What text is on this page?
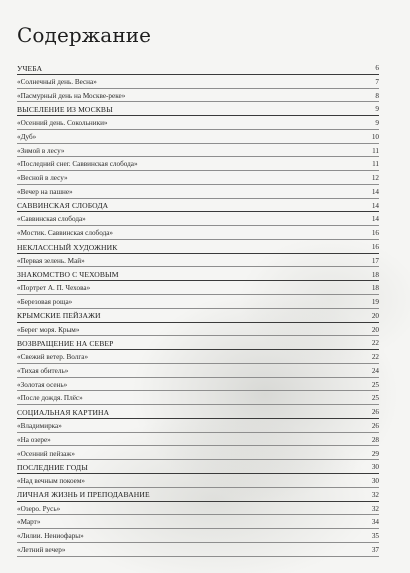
Содержание
УЧЕБА	6
«Солнечный день. Весна»	7
«Пасмурный день на Москве-реке»	8
ВЫСЕЛЕНИЕ ИЗ МОСКВЫ	9
«Осенний день. Сокольники»	9
«Дуб»	10
«Зимой в лесу»	11
«Последний снег. Саввинская слобода»	11
«Весной в лесу»	12
«Вечер на пашне»	14
САВВИНСКАЯ СЛОБОДА	14
«Саввинская слобода»	14
«Мостик. Саввинская слобода»	16
НЕКЛАССНЫЙ ХУДОЖНИК	16
«Первая зелень. Май»	17
ЗНАКОМСТВО С ЧЕХОВЫМ	18
«Портрет А. П. Чехова»	18
«Березовая роща»	19
КРЫМСКИЕ ПЕЙЗАЖИ	20
«Берег моря. Крым»	20
ВОЗВРАЩЕНИЕ НА СЕВЕР	22
«Свежий ветер. Волга»	22
«Тихая обитель»	24
«Золотая осень»	25
«После дождя. Плёс»	25
СОЦИАЛЬНАЯ КАРТИНА	26
«Владимирка»	26
«На озере»	28
«Осенний пейзаж»	29
ПОСЛЕДНИЕ ГОДЫ	30
«Над вечным покоем»	30
ЛИЧНАЯ ЖИЗНЬ И ПРЕПОДАВАНИЕ	32
«Озеро. Русь»	32
«Март»	34
«Лилии. Нениофары»	35
«Летний вечер»	37
